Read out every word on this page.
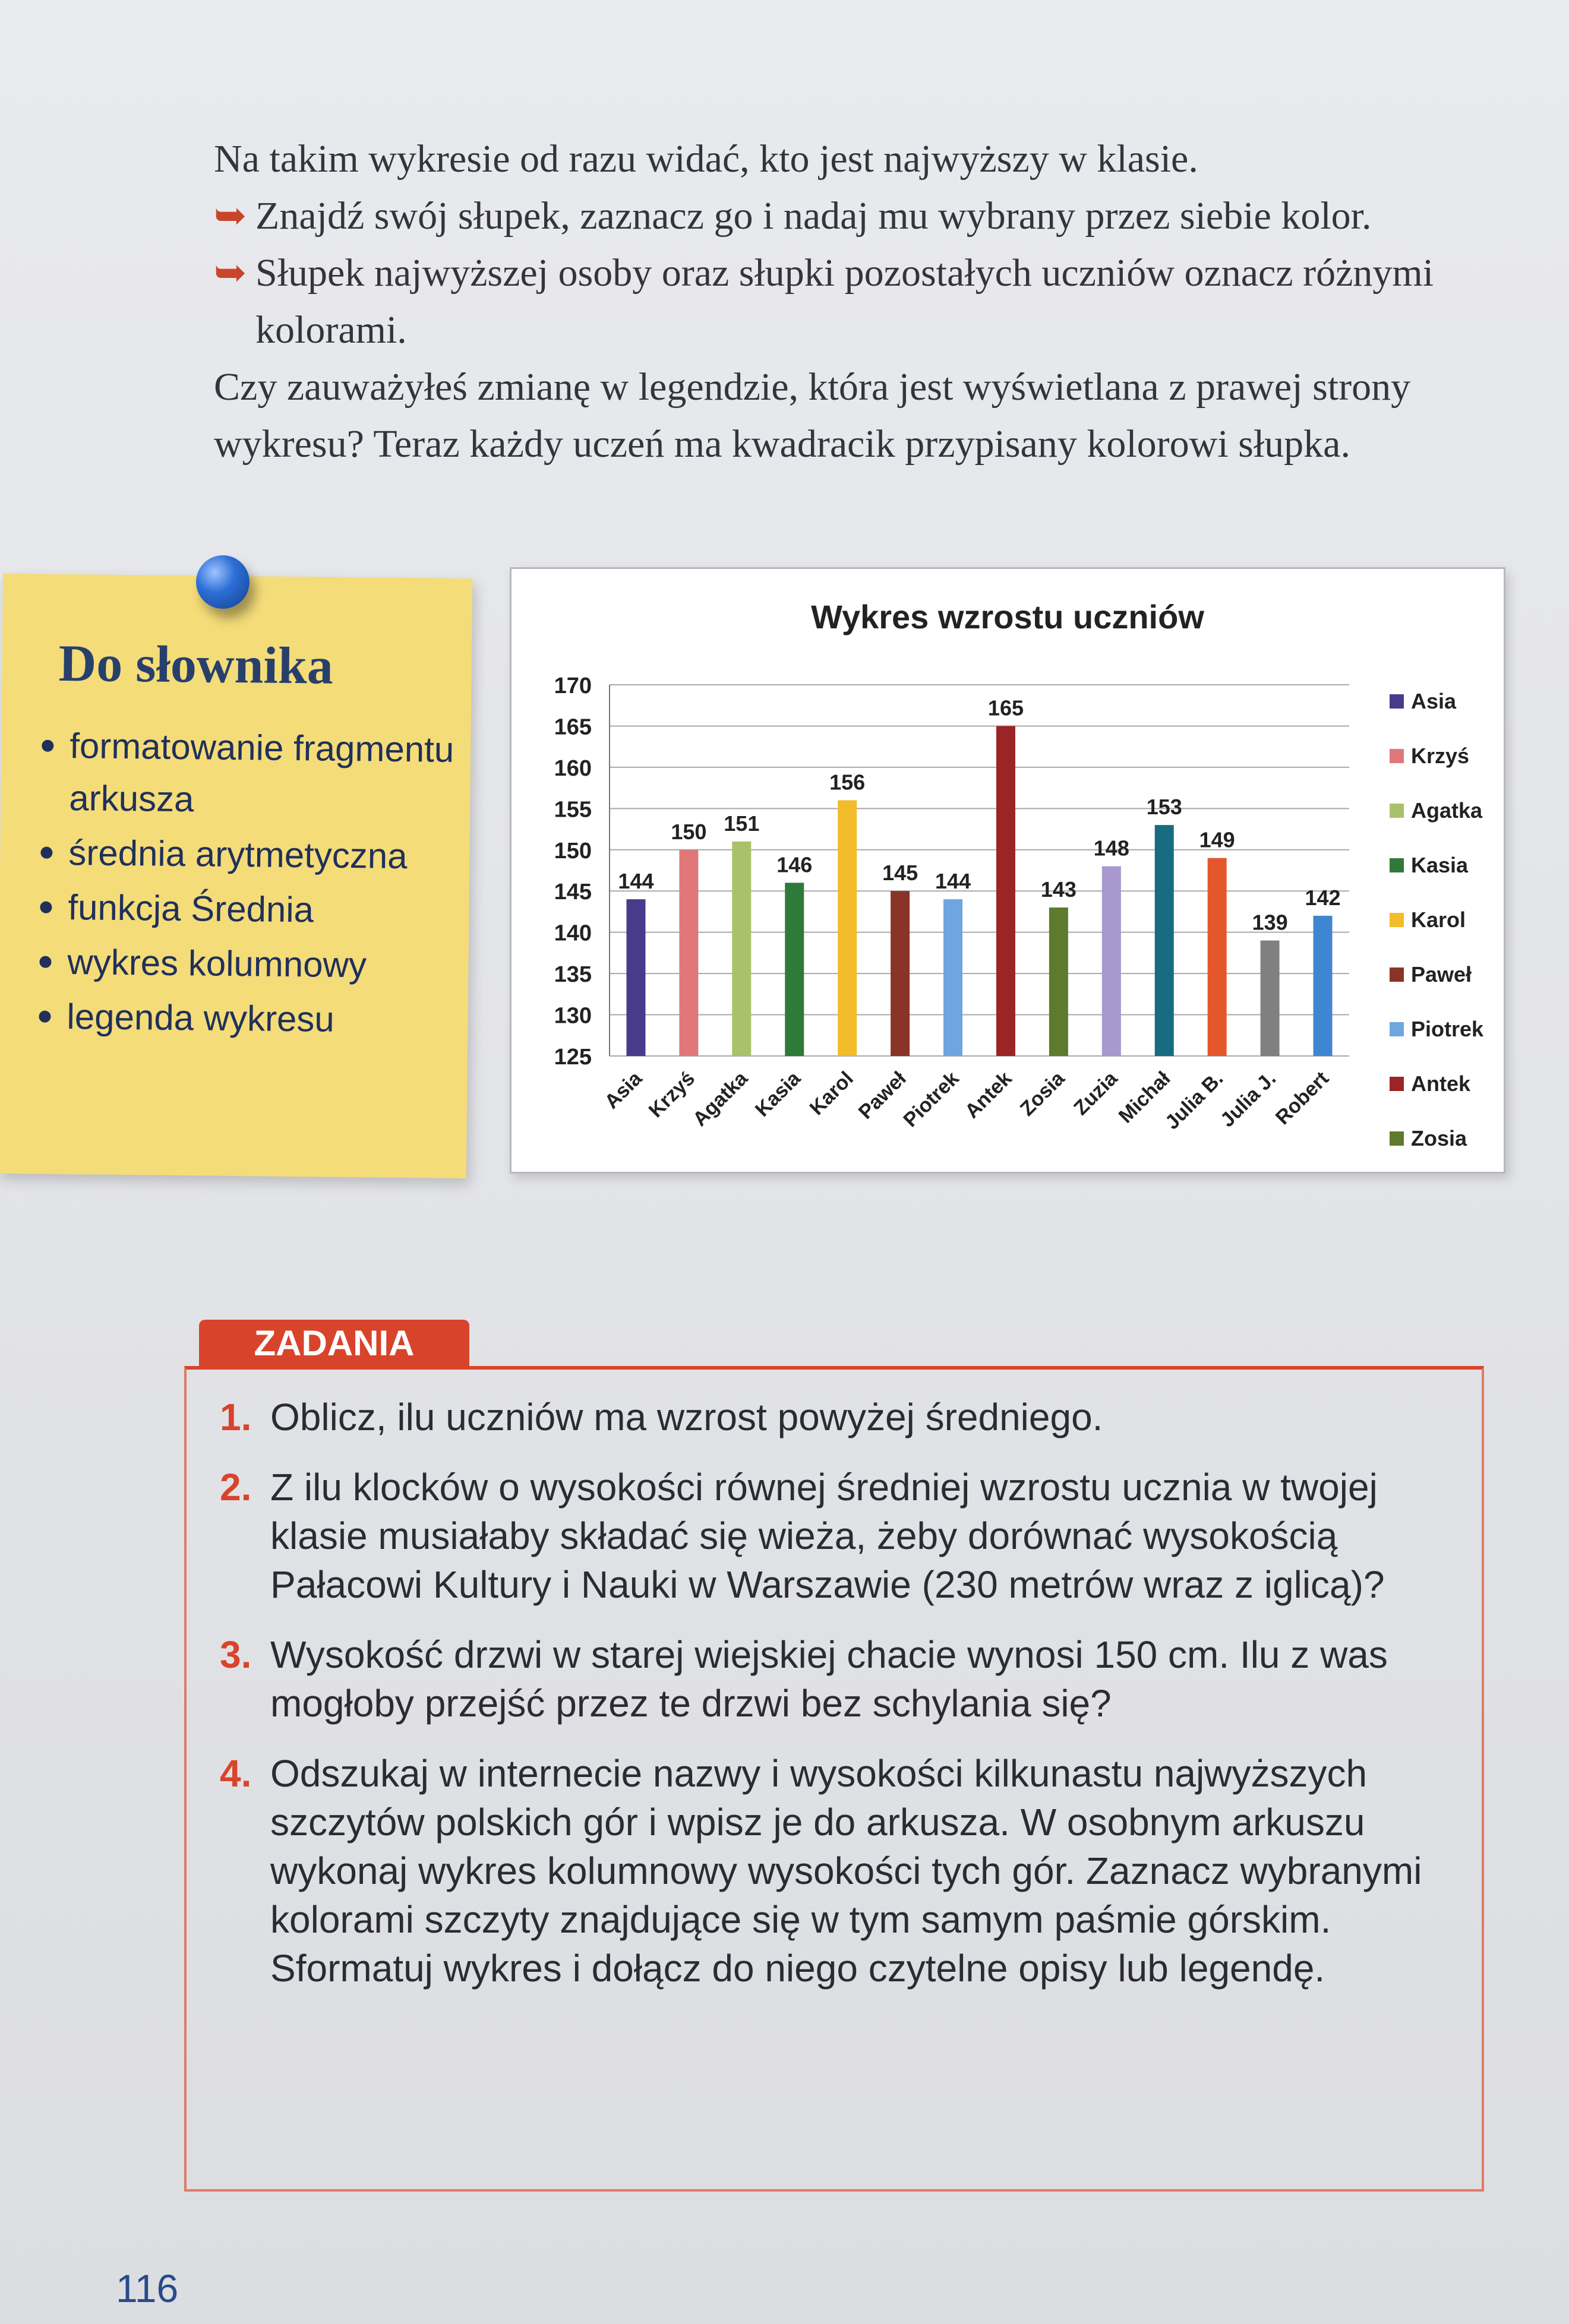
Na takim wykresie od razu widać, kto jest najwyższy w klasie.

➥ Znajdź swój słupek, zaznacz go i nadaj mu wybrany przez siebie kolor.

➥ Słupek najwyższej osoby oraz słupki pozostałych uczniów oznacz różnymi kolorami.

Czy zauważyłeś zmianę w legendzie, która jest wyświetlana z prawej strony wykresu? Teraz każdy uczeń ma kwadracik przypisany kolorowi słupka.

Do słownika
formatowanie fragmentu arkusza
średnia arytmetyczna
funkcja Średnia
wykres kolumnowy
legenda wykresu
Wykres wzrostu uczniów
125
130
135
140
145
150
155
160
165
170
144
Asia
150
Krzyś
151
Agatka
146
Kasia
156
Karol
145
Paweł
144
Piotrek
165
Antek
143
Zosia
148
Zuzia
153
Michał
149
Julia B.
139
Julia J.
142
Robert
Asia
Krzyś
Agatka
Kasia
Karol
Paweł
Piotrek
Antek
Zosia
ZADANIA
1. Oblicz, ilu uczniów ma wzrost powyżej średniego.
2. Z ilu klocków o wysokości równej średniej wzrostu ucznia w twojej klasie musiałaby składać się wieża, żeby dorównać wysokością Pałacowi Kultury i Nauki w Warszawie (230 metrów wraz z iglicą)?
3. Wysokość drzwi w starej wiejskiej chacie wynosi 150 cm. Ilu z was mogłoby przejść przez te drzwi bez schylania się?
4. Odszukaj w internecie nazwy i wysokości kilkunastu najwyższych szczytów polskich gór i wpisz je do arkusza. W osobnym arkuszu wykonaj wykres kolumnowy wysokości tych gór. Zaznacz wybranymi kolorami szczyty znajdujące się w tym samym paśmie górskim. Sformatuj wykres i dołącz do niego czytelne opisy lub legendę.
116
